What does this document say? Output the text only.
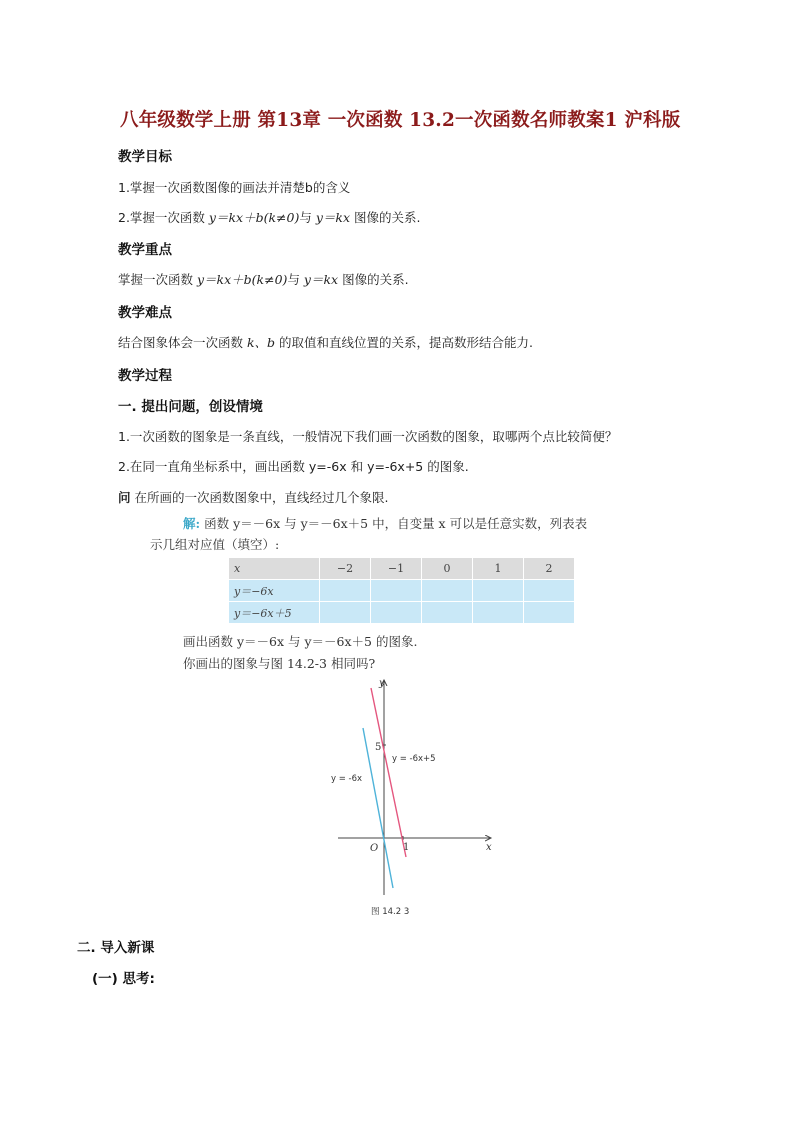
八年级数学上册 第13章 一次函数 13.2一次函数名师教案1 沪科版
教学目标
1.掌握一次函数图像的画法并清楚b的含义
2.掌握一次函数 y＝kx＋b(k≠0)与 y＝kx 图像的关系.
教学重点
掌握一次函数 y＝kx＋b(k≠0)与 y＝kx 图像的关系.
教学难点
结合图象体会一次函数 k、b 的取值和直线位置的关系，提高数形结合能力.
教学过程
一. 提出问题，创设情境
1.一次函数的图象是一条直线，一般情况下我们画一次函数的图象，取哪两个点比较简便？
2.在同一直角坐标系中，画出函数 y=-6x 和 y=-6x+5 的图象.
问 在所画的一次函数图象中，直线经过几个象限.
解: 函数 y＝－6x 与 y＝－6x＋5 中，自变量 x 可以是任意实数，列表表
示几组对应值（填空）:
x	−2	−1	0	1	2
y＝−6x					
y＝−6x＋5					
画出函数 y＝－6x 与 y＝－6x＋5 的图象.
你画出的图象与图 14.2-3 相同吗?
y
x
O
5
1
y = -6x
y = -6x+5
图 14.2 3
二. 导入新课
(一) 思考:
